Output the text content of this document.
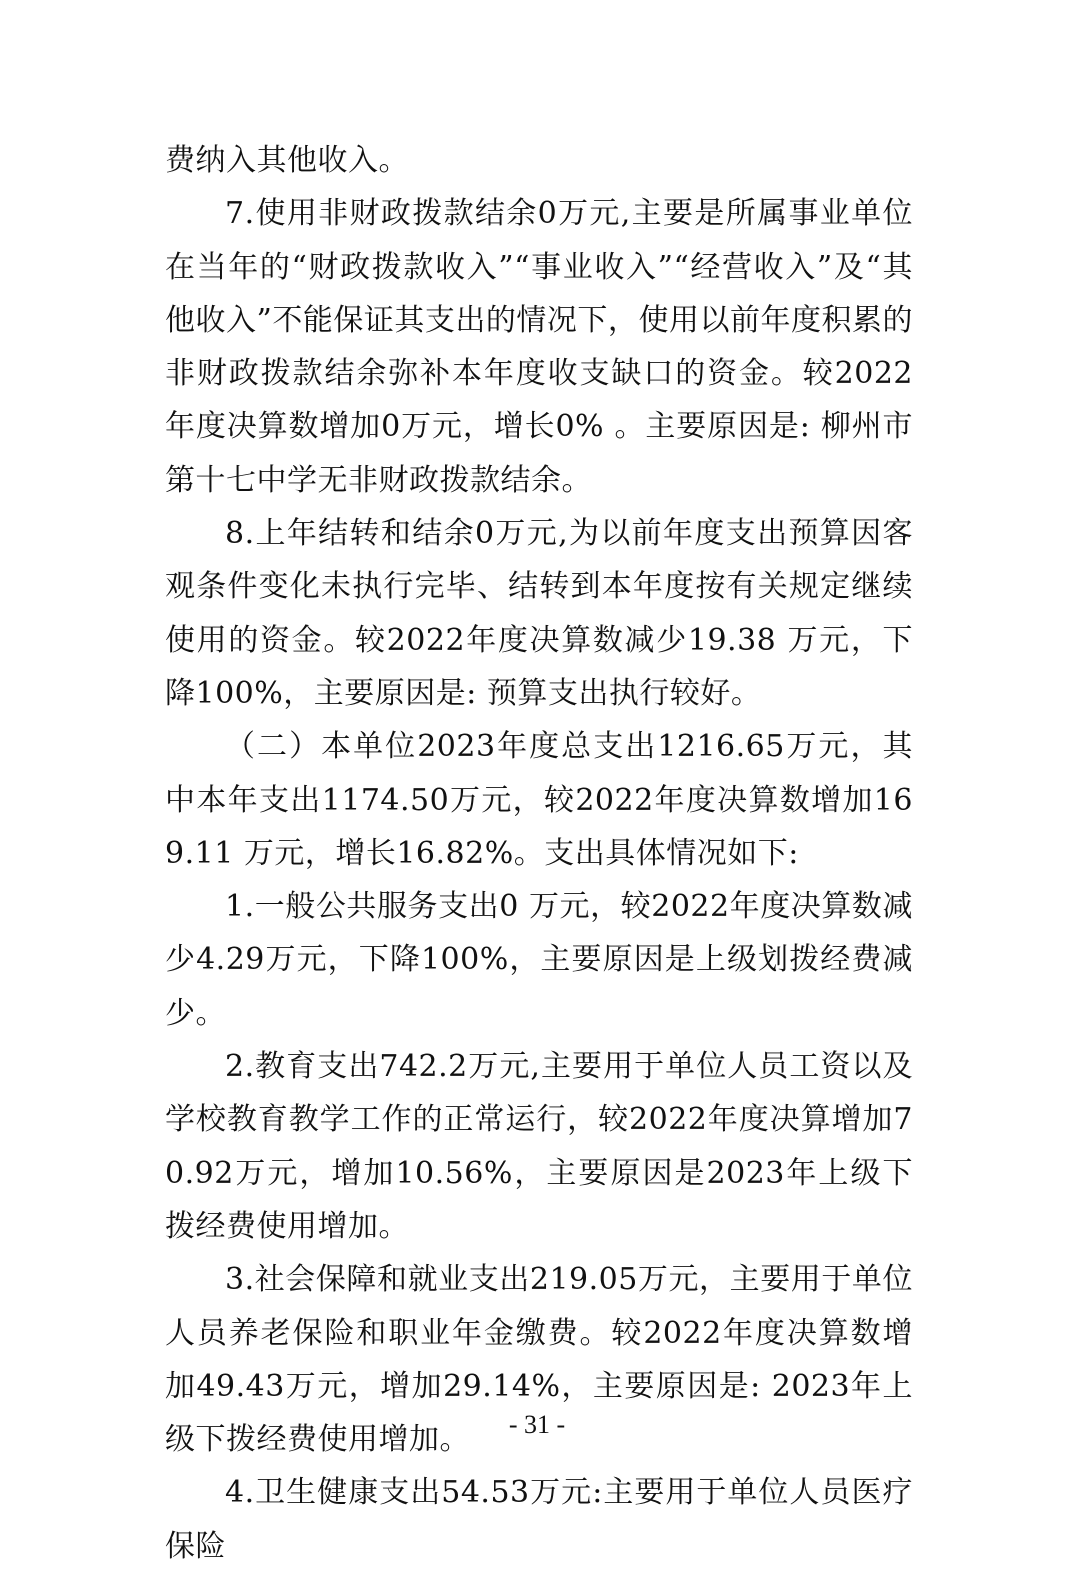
费纳入其他收入。

7.使用非财政拨款结余0万元,主要是所属事业单位在当年的“财政拨款收入”“事业收入”“经营收入”及“其他收入”不能保证其支出的情况下，使用以前年度积累的非财政拨款结余弥补本年度收支缺口的资金。较2022年度决算数增加0万元，增长0% 。主要原因是: 柳州市第十七中学无非财政拨款结余。

8.上年结转和结余0万元,为以前年度支出预算因客观条件变化未执行完毕、结转到本年度按有关规定继续使用的资金。较2022年度决算数减少19.38 万元，下降100%，主要原因是: 预算支出执行较好。

（二）本单位2023年度总支出1216.65万元，其中本年支出1174.50万元，较2022年度决算数增加169.11 万元，增长16.82%。支出具体情况如下:

1.一般公共服务支出0 万元，较2022年度决算数减少4.29万元，下降100%，主要原因是上级划拨经费减少。

2.教育支出742.2万元,主要用于单位人员工资以及学校教育教学工作的正常运行，较2022年度决算增加70.92万元，增加10.56%，主要原因是2023年上级下拨经费使用增加。

3.社会保障和就业支出219.05万元，主要用于单位人员养老保险和职业年金缴费。较2022年度决算数增加49.43万元，增加29.14%，主要原因是: 2023年上级下拨经费使用增加。

4.卫生健康支出54.53万元:主要用于单位人员医疗保险

- 31 -
